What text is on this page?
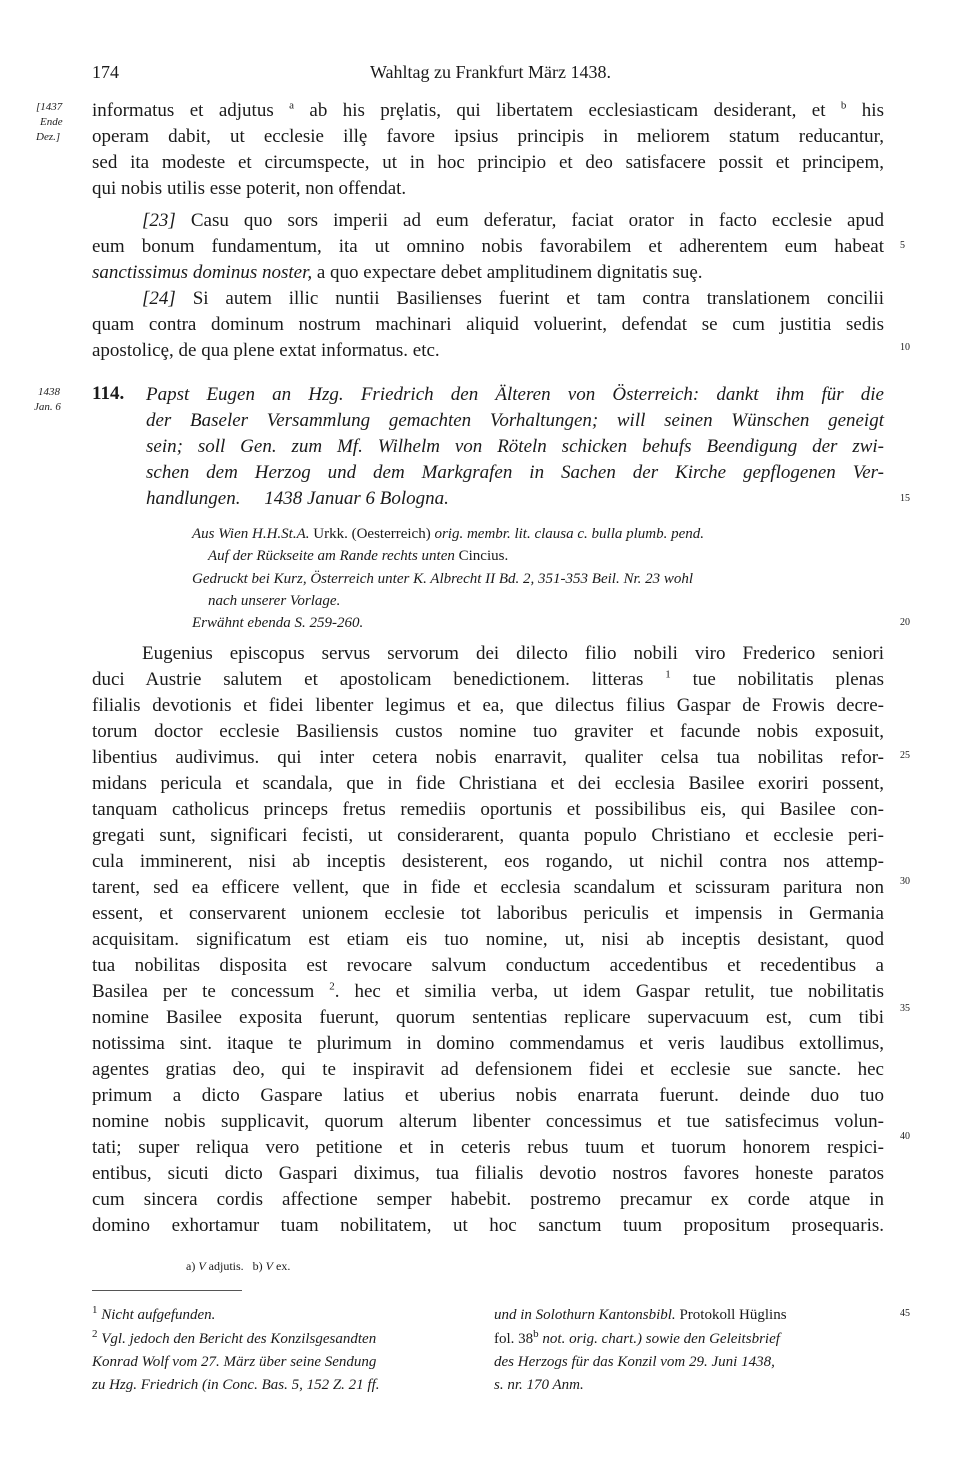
174	Wahltag zu Frankfurt März 1438.
[1437
Ende
Dez.]
1438
Jan. 6
5
10
15
20
25
30
35
40
45
informatus et adjutus $^a$ ab his prȩlatis, qui libertatem ecclesiasticam desiderant, et $^b$ his
operam dabit, ut ecclesie illȩ favore ipsius principis in meliorem statum reducantur,
sed ita modeste et circumspecte, ut in hoc principio et deo satisfacere possit et principem,
qui nobis utilis esse poterit, non offendat.
[23] Casu quo sors imperii ad eum deferatur, faciat orator in facto ecclesie apud
eum bonum fundamentum, ita ut omnino nobis favorabilem et adherentem eum habeat
sanctissimus dominus noster, a quo expectare debet amplitudinem dignitatis suȩ.
[24] Si autem illic nuntii Basilienses fuerint et tam contra translationem concilii
quam contra dominum nostrum machinari aliquid voluerint, defendat se cum justitia sedis
apostolicȩ, de qua plene extat informatus. etc.
114. Papst Eugen an Hzg. Friedrich den Älteren von Österreich: dankt ihm für die
der Baseler Versammlung gemachten Vorhaltungen; will seinen Wünschen geneigt
sein; soll Gen. zum Mf. Wilhelm von Röteln schicken behufs Beendigung der zwi-
schen dem Herzog und dem Markgrafen in Sachen der Kirche gepflogenen Ver-
handlungen.     1438 Januar 6 Bologna.
Aus Wien H.H.St.A. Urkk. (Oesterreich) orig. membr. lit. clausa c. bulla plumb. pend.
Auf der Rückseite am Rande rechts unten Cincius.
Gedruckt bei Kurz, Österreich unter K. Albrecht II Bd. 2, 351-353 Beil. Nr. 23 wohl
nach unserer Vorlage.
Erwähnt ebenda S. 259-260.
Eugenius episcopus servus servorum dei dilecto filio nobili viro Frederico seniori
duci Austrie salutem et apostolicam benedictionem. litteras $^1$ tue nobilitatis plenas
filialis devotionis et fidei libenter legimus et ea, que dilectus filius Gaspar de Frowis decre-
torum doctor ecclesie Basiliensis custos nomine tuo graviter et facunde nobis exposuit,
libentius audivimus. qui inter cetera nobis enarravit, qualiter celsa tua nobilitas refor-
midans pericula et scandala, que in fide Christiana et dei ecclesia Basilee exoriri possent,
tanquam catholicus princeps fretus remediis oportunis et possibilibus eis, qui Basilee con-
gregati sunt, significari fecisti, ut considerarent, quanta populo Christiano et ecclesie peri-
cula imminerent, nisi ab inceptis desisterent, eos rogando, ut nichil contra nos attemp-
tarent, sed ea efficere vellent, que in fide et ecclesia scandalum et scissuram paritura non
essent, et conservarent unionem ecclesie tot laboribus periculis et impensis in Germania
acquisitam. significatum est etiam eis tuo nomine, ut, nisi ab inceptis desistant, quod
tua nobilitas disposita est revocare salvum conductum accedentibus et recedentibus a
Basilea per te concessum $^2$. hec et similia verba, ut idem Gaspar retulit, tue nobilitatis
nomine Basilee exposita fuerunt, quorum sententias replicare supervacuum est, cum tibi
notissima sint. itaque te plurimum in domino commendamus et veris laudibus extollimus,
agentes gratias deo, qui te inspiravit ad defensionem fidei et ecclesie sue sancte. hec
primum a dicto Gaspare latius et uberius nobis enarrata fuerunt. deinde duo tuo
nomine nobis supplicavit, quorum alterum libenter concessimus et tue satisfecimus volun-
tati; super reliqua vero petitione et in ceteris rebus tuum et tuorum honorem respici-
entibus, sicuti dicto Gaspari diximus, tua filialis devotio nostros favores honeste paratos
cum sincera cordis affectione semper habebit. postremo precamur ex corde atque in
domino exhortamur tuam nobilitatem, ut hoc sanctum tuum propositum prosequaris.
a) V adjutis.   b) V ex.
$^1$ Nicht aufgefunden.
$^2$ Vgl. jedoch den Bericht des Konzilsgesandten
Konrad Wolf vom 27. März über seine Sendung
zu Hzg. Friedrich (in Conc. Bas. 5, 152 Z. 21 ff.
und in Solothurn Kantonsbibl. Protokoll Hüglins
fol. 38$^b$ not. orig. chart.) sowie den Geleitsbrief
des Herzogs für das Konzil vom 29. Juni 1438,
s. nr. 170 Anm.
